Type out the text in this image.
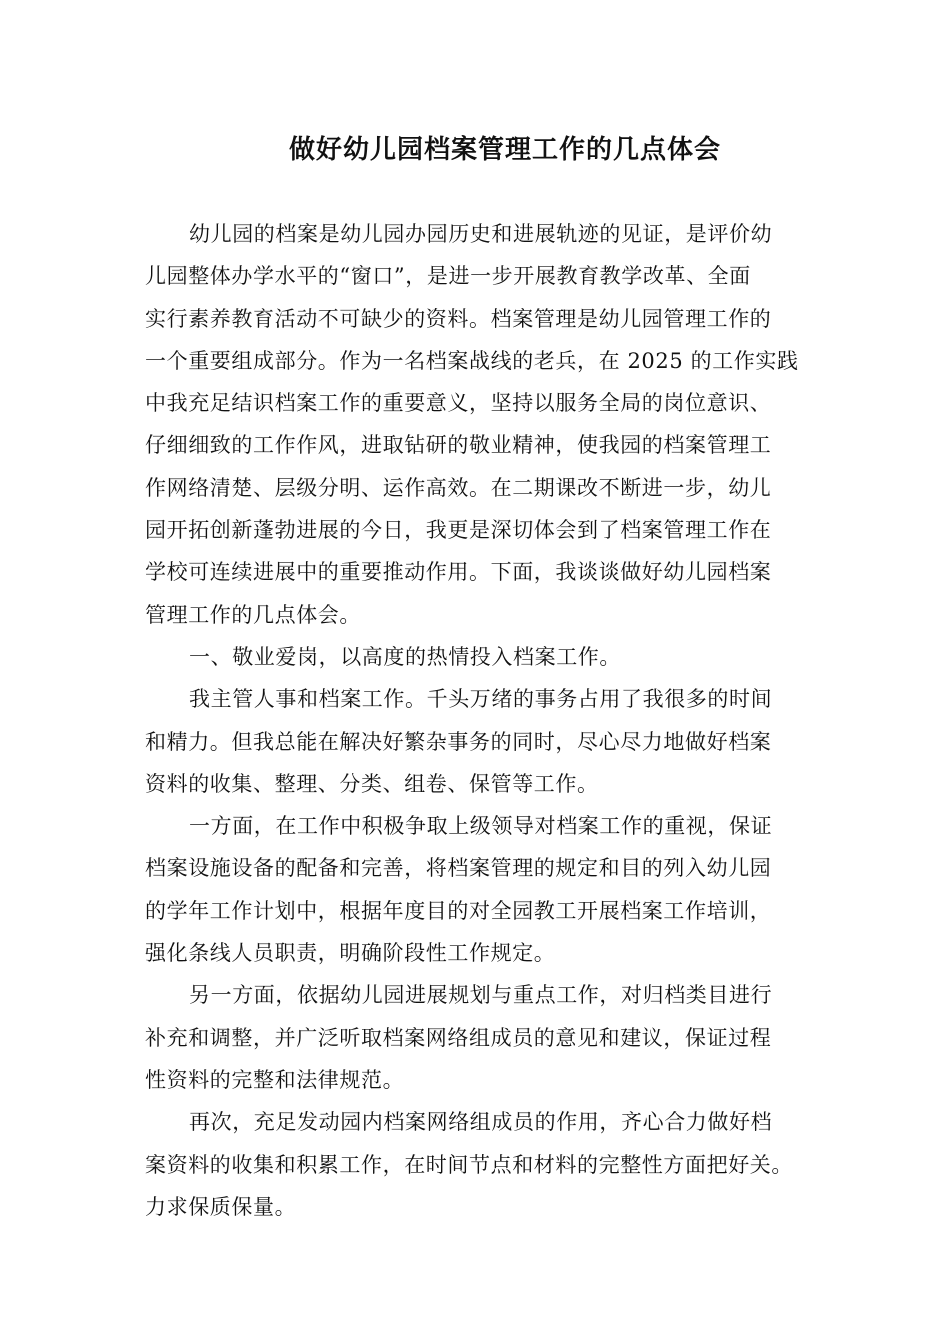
做好幼儿园档案管理工作的几点体会
幼儿园的档案是幼儿园办园历史和进展轨迹的见证，是评价幼
儿园整体办学水平的“窗口”，是进一步开展教育教学改革、全面
实行素养教育活动不可缺少的资料。档案管理是幼儿园管理工作的
一个重要组成部分。作为一名档案战线的老兵，在 2025 的工作实践
中我充足结识档案工作的重要意义，坚持以服务全局的岗位意识、
仔细细致的工作作风，进取钻研的敬业精神，使我园的档案管理工
作网络清楚、层级分明、运作高效。在二期课改不断进一步，幼儿
园开拓创新蓬勃进展的今日，我更是深切体会到了档案管理工作在
学校可连续进展中的重要推动作用。下面，我谈谈做好幼儿园档案
管理工作的几点体会。
一、敬业爱岗，以高度的热情投入档案工作。
我主管人事和档案工作。千头万绪的事务占用了我很多的时间
和精力。但我总能在解决好繁杂事务的同时，尽心尽力地做好档案
资料的收集、整理、分类、组卷、保管等工作。
一方面，在工作中积极争取上级领导对档案工作的重视，保证
档案设施设备的配备和完善，将档案管理的规定和目的列入幼儿园
的学年工作计划中，根据年度目的对全园教工开展档案工作培训，
强化条线人员职责，明确阶段性工作规定。
另一方面，依据幼儿园进展规划与重点工作，对归档类目进行
补充和调整，并广泛听取档案网络组成员的意见和建议，保证过程
性资料的完整和法律规范。
再次，充足发动园内档案网络组成员的作用，齐心合力做好档
案资料的收集和积累工作，在时间节点和材料的完整性方面把好关。
力求保质保量。
